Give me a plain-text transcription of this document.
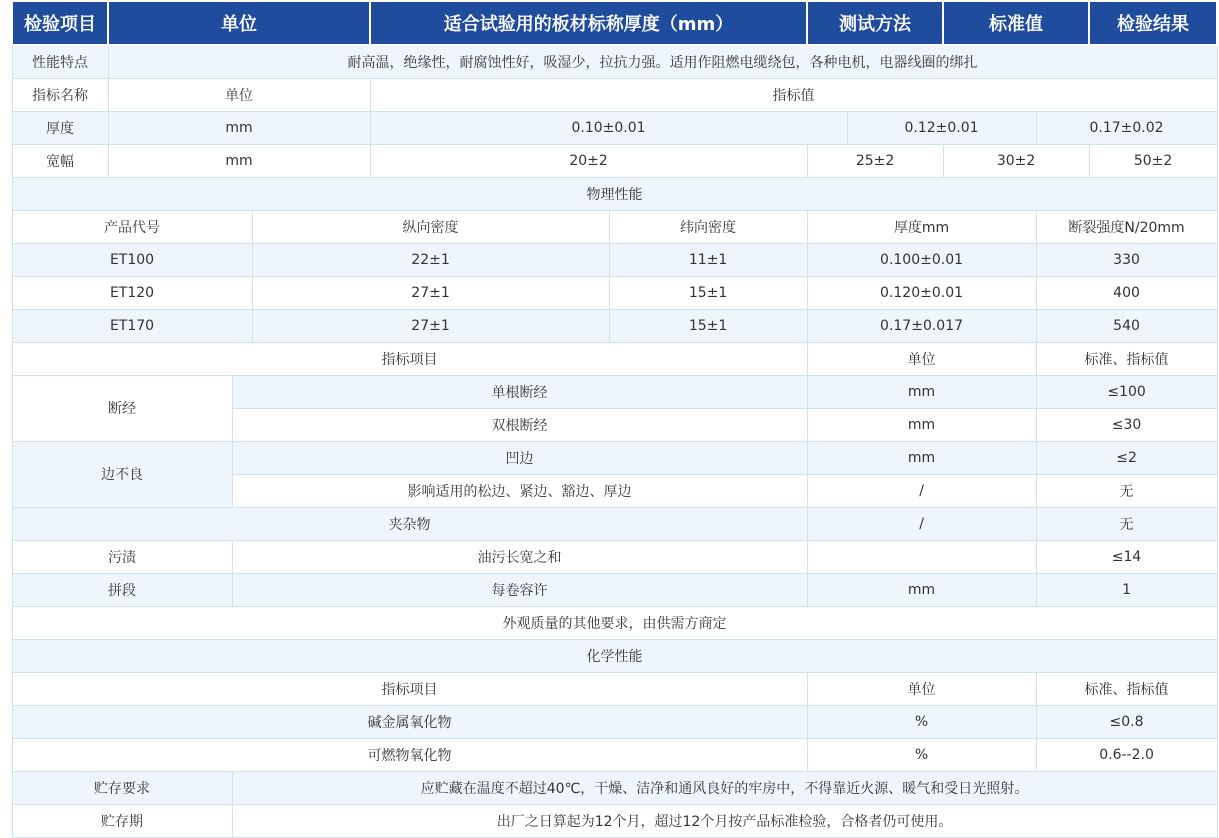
检验项目	单位			适合试验用的板材标称厚度（mm）		测试方法		标准值		检验结果
性能特点	耐高温，绝缘性，耐腐蚀性好，吸湿少，拉抗力强。适用作阻燃电缆绕包，各种电机，电器线圈的绑扎									
指标名称	单位			指标值						
厚度	mm			0.10±0.01			0.12±0.01		0.17±0.02	
宽幅	mm			20±2		25±2		30±2		50±2
物理性能										
产品代号			纵向密度		纬向密度	厚度mm			断裂强度N/20mm	
ET100			22±1		11±1	0.100±0.01			330	
ET120			27±1		15±1	0.120±0.01			400	
ET170			27±1		15±1	0.17±0.017			540	
指标项目						单位			标准、指标值	
断经		单根断经				mm			≤100	
		双根断经				mm			≤30	
边不良		凹边				mm			≤2	
		影响适用的松边、紧边、豁边、厚边				/			无	
夹杂物						/			无	
污渍		油污长宽之和							≤14	
拼段		每卷容许				mm			1	
外观质量的其他要求，由供需方商定										
化学性能										
指标项目						单位			标准、指标值	
碱金属氧化物						%			≤0.8	
可燃物氧化物						%			0.6--2.0	
贮存要求		应贮藏在温度不超过40℃，干燥、洁净和通风良好的牢房中，不得靠近火源、暖气和受日光照射。								
贮存期		出厂之日算起为12个月，超过12个月按产品标准检验，合格者仍可使用。								
